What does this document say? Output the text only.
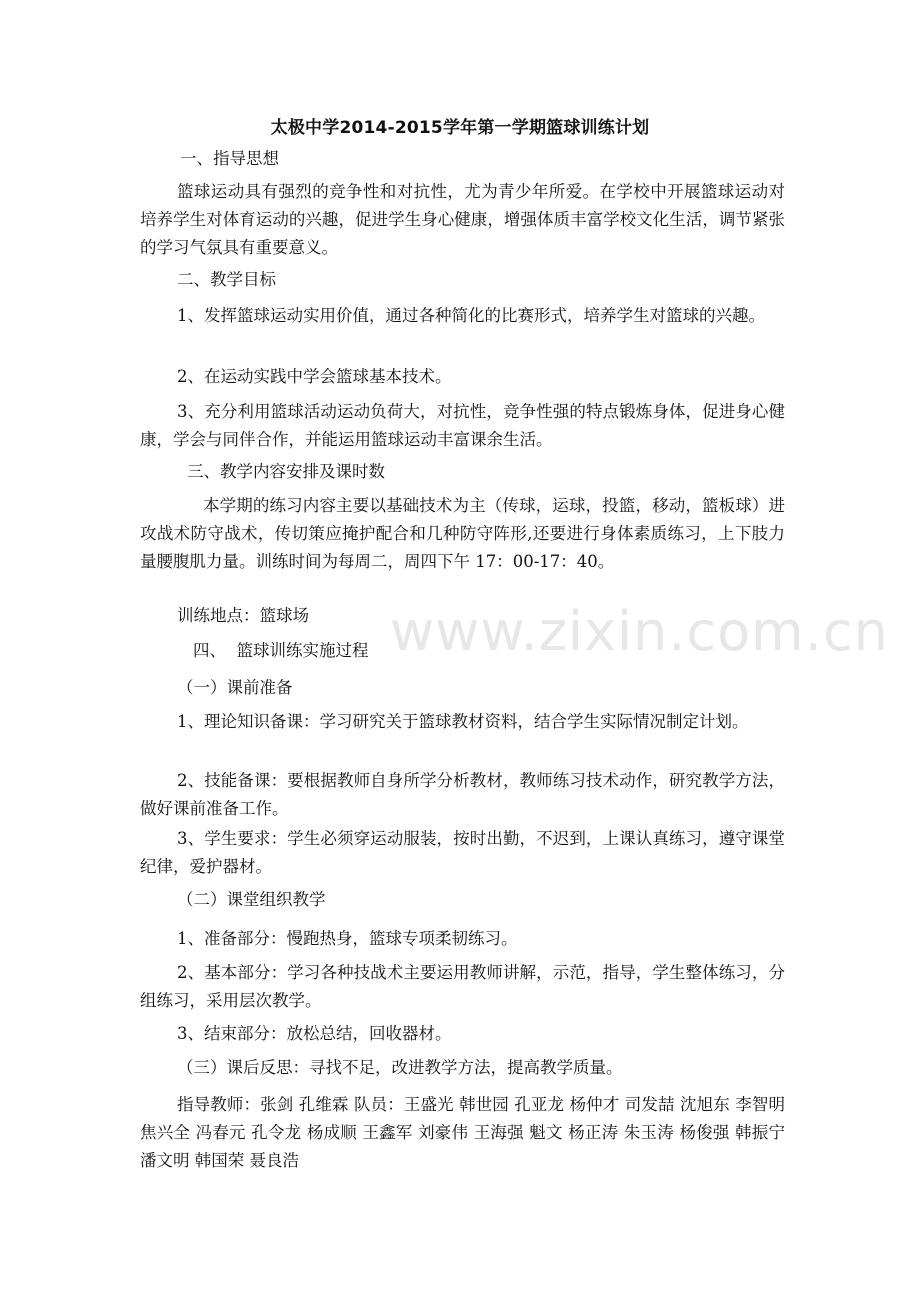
www.zixin.com.cn
太极中学2014-2015学年第一学期篮球训练计划
一、指导思想
篮球运动具有强烈的竞争性和对抗性，尤为青少年所爱。在学校中开展篮球运动对培养学生对体育运动的兴趣，促进学生身心健康，增强体质丰富学校文化生活，调节紧张的学习气氛具有重要意义。
二、教学目标
1、发挥篮球运动实用价值，通过各种简化的比赛形式，培养学生对篮球的兴趣。
2、在运动实践中学会篮球基本技术。
3、充分利用篮球活动运动负荷大，对抗性，竞争性强的特点锻炼身体，促进身心健康，学会与同伴合作，并能运用篮球运动丰富课余生活。
三、教学内容安排及课时数
本学期的练习内容主要以基础技术为主（传球，运球，投篮，移动，篮板球）进攻战术防守战术，传切策应掩护配合和几种防守阵形,还要进行身体素质练习，上下肢力量腰腹肌力量。训练时间为每周二，周四下午 17：00-17：40。
训练地点：篮球场
四、  篮球训练实施过程
（一）课前准备
1、理论知识备课：学习研究关于篮球教材资料，结合学生实际情况制定计划。
2、技能备课：要根据教师自身所学分析教材，教师练习技术动作，研究教学方法，做好课前准备工作。
3、学生要求：学生必须穿运动服装，按时出勤，不迟到，上课认真练习，遵守课堂纪律，爱护器材。
（二）课堂组织教学
1、准备部分：慢跑热身，篮球专项柔韧练习。
2、基本部分：学习各种技战术主要运用教师讲解，示范，指导，学生整体练习，分组练习，采用层次教学。
3、结束部分：放松总结，回收器材。
（三）课后反思：寻找不足，改进教学方法，提高教学质量。
指导教师：张剑 孔维霖 队员：王盛光 韩世园 孔亚龙 杨仲才 司发喆 沈旭东 李智明 焦兴全 冯春元 孔令龙 杨成顺 王鑫军 刘豪伟 王海强 魁文 杨正涛 朱玉涛 杨俊强 韩振宁 潘文明 韩国荣 聂良浩
